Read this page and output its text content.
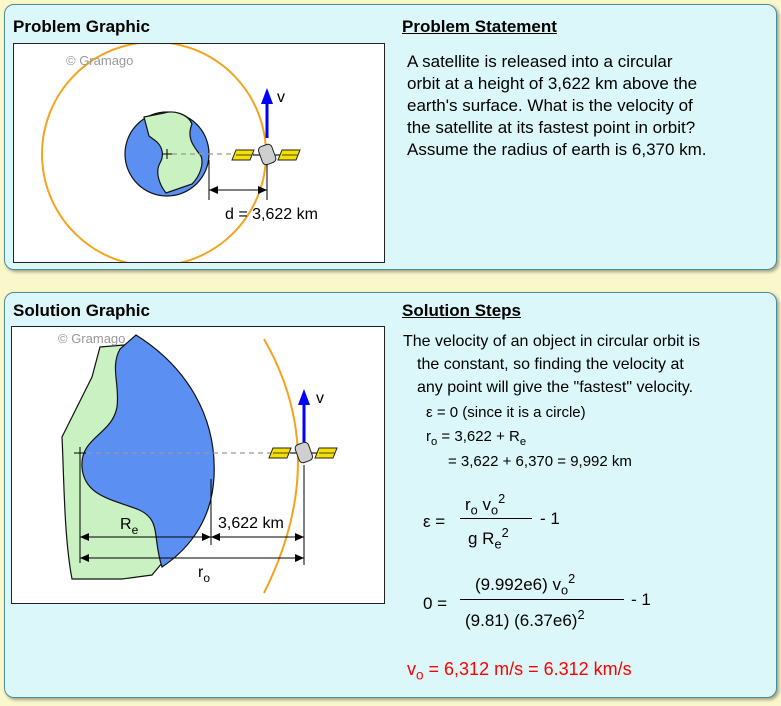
Problem Graphic	Problem Statement
v
d = 3,622 km
© Gramago	A satellite is released into a circular
orbit at a height of 3,622 km above the
earth's surface. What is the velocity of
the satellite at its fastest point in orbit?
Assume the radius of earth is 6,370 km.
Solution Graphic	Solution Steps
v
3,622 km
$R_e$
$r_o$
© Gramago	The velocity of an object in circular orbit is
the constant, so finding the velocity at
any point will give the "fastest" velocity.
ε = 0 (since it is a circle)
$r_o = 3,622 + R_e$
= 3,622 + 6,370 = 9,992 km
ε =
$r_o$ $v_o^2$
g $R_e^2$
- 1
0 =
(9.992e6) $v_o^2$
(9.81) $(6.37e6)^2$
- 1
$v_o = 6,312$ m/s = 6.312 km/s
